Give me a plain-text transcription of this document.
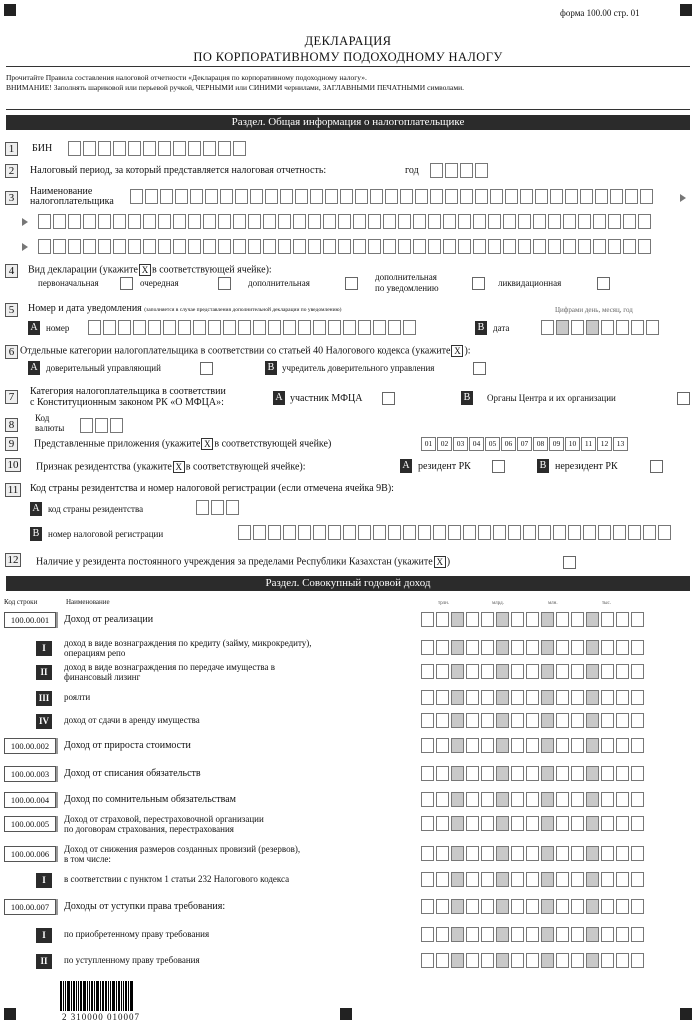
форма 100.00 стр. 01
ДЕКЛАРАЦИЯ
ПО КОРПОРАТИВНОМУ ПОДОХОДНОМУ НАЛОГУ
Прочитайте Правила составления налоговой отчетности «Декларация по корпоративному подоходному налогу».
ВНИМАНИЕ! Заполнять шариковой или перьевой ручкой, ЧЕРНЫМИ или СИНИМИ чернилами, ЗАГЛАВНЫМИ ПЕЧАТНЫМИ символами.
Раздел. Общая информация о налогоплательщике
1	БИН
2	Налоговый период, за который представляется налоговая отчетность:	год
3
Наименование
налогоплательщика
4	Вид декларации (укажите X в соответствующей ячейке):
первоначальная	очередная	дополнительная
дополнительная
по уведомлению	ликвидационная
5	Номер и дата уведомления (заполняется в случае представления дополнительной декларации по уведомлению)	Цифрами день, месяц, год
А номер	В дата
6 Отдельные категории налогоплательщика в соответствии со статьей 40 Налогового кодекса (укажите X ):
А доверительный управляющий	В учредитель доверительного управления
7	Категория налогоплательщика в соответствии
с Конституционным законом РК «О МФЦА»:	А участник МФЦА	В Органы Центра и их организации
8
Код
валюты
9	Представленные приложения (укажите X в соответствующей ячейке)	01	02	03	04	05	06	07	08	09	10	11	12	13
10 Признак резидентства (укажите X в соответствующей ячейке):	А резидент РК	В нерезидент РК
11 Код страны резидентства и номер налоговой регистрации (если отмечена ячейка 9В):
А код страны резидентства
В номер налоговой регистрации
12 Наличие у резидента постоянного учреждения за пределами Республики Казахстан (укажите X )
Раздел. Совокупный годовой доход
Код строки	Наименование	трлн.	млрд.	млн.	тыс.
100.00.001	Доход от реализации
I	доход в виде вознаграждения по кредиту (займу, микрокредиту),
операциям репо
II	доход в виде вознаграждения по передаче имущества в
финансовый лизинг
III	роялти
IV	доход от сдачи в аренду имущества
100.00.002	Доход от прироста стоимости
100.00.003	Доход от списания обязательств
100.00.004	Доход по сомнительным обязательствам
100.00.005	Доход от страховой, перестраховочной организации
по договорам страхования, перестрахования
100.00.006	Доход от снижения размеров созданных провизий (резервов),
в том числе:
I	в соответствии с пунктом 1 статьи 232 Налогового кодекса
100.00.007	Доходы от уступки права требования:
I	по приобретенному праву требования
II	по уступленному праву требования
2 310000 010007
